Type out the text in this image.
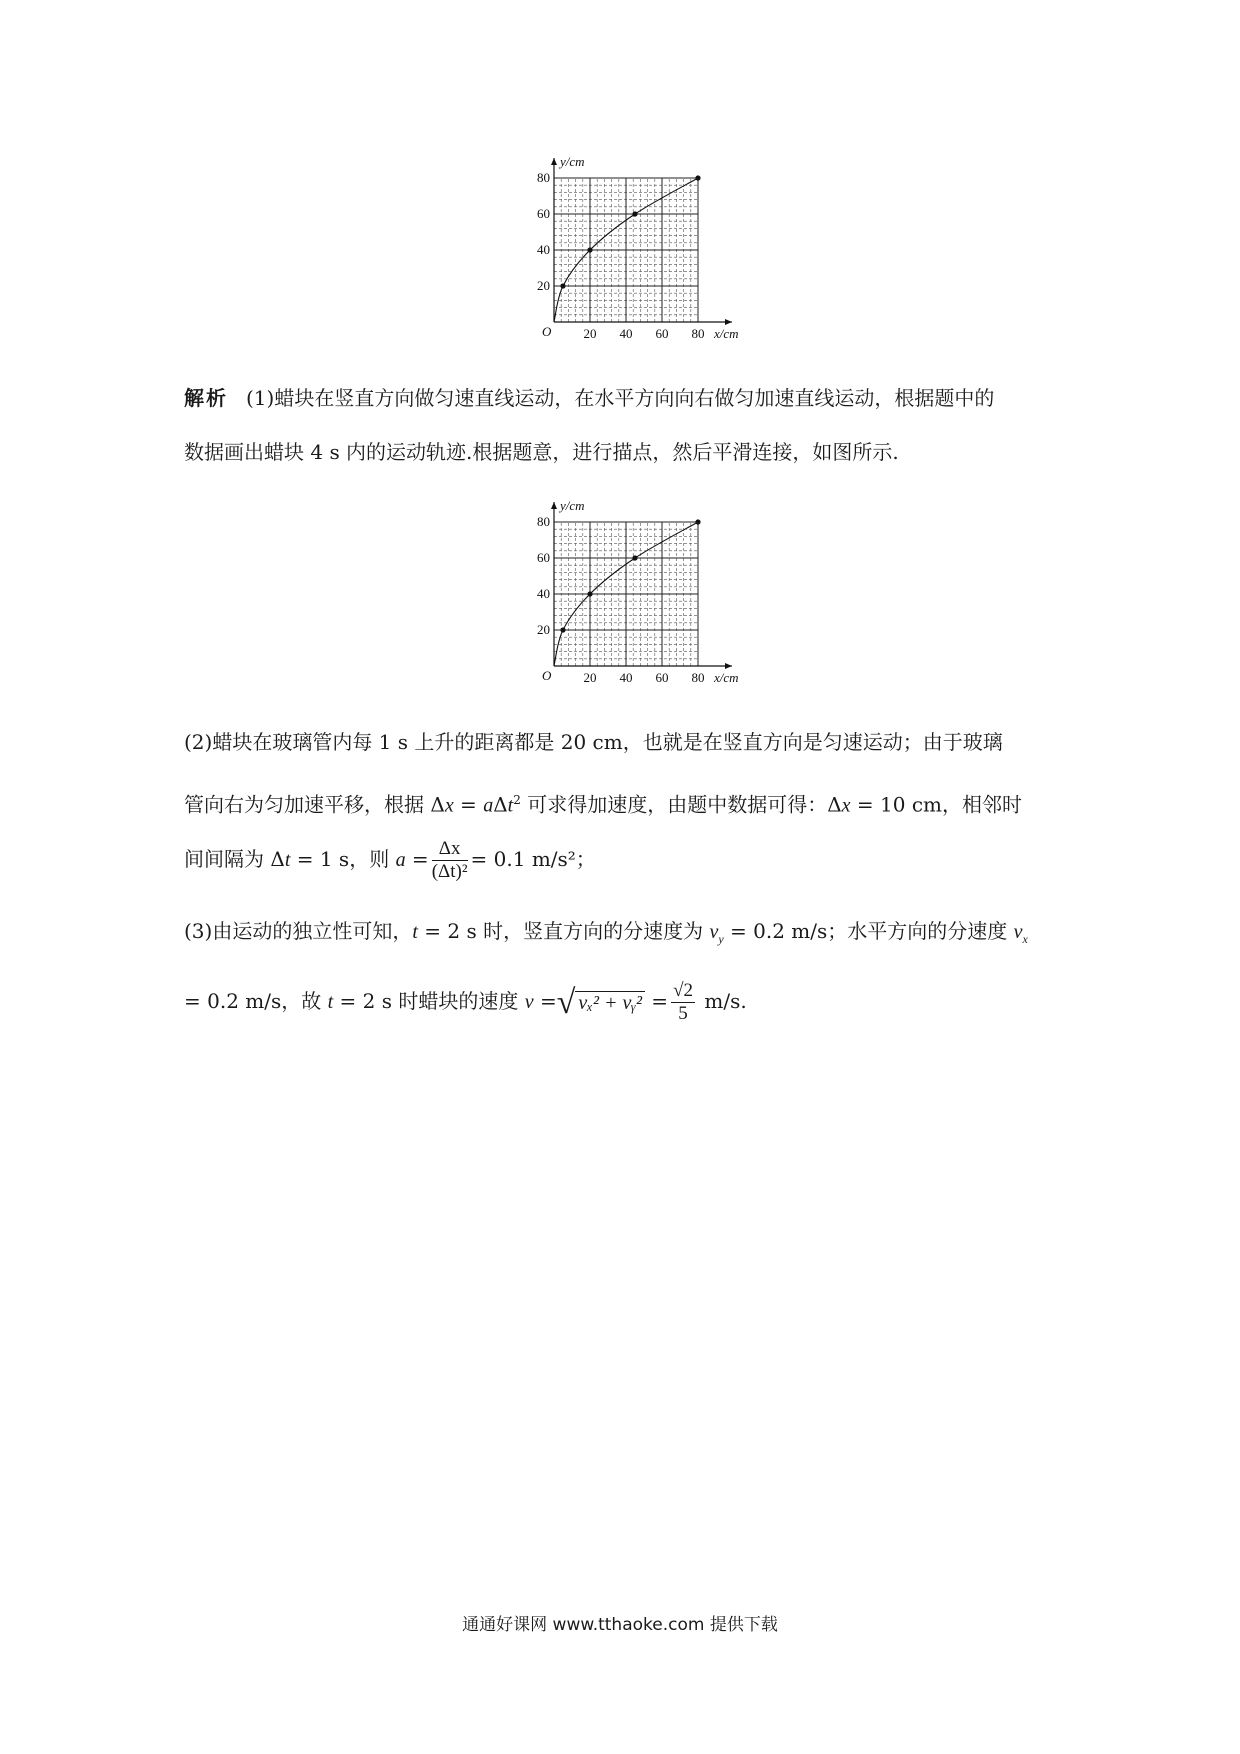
20 40 60 80
20
40
60
80
O	x/cm
y/cm
解析 (1)蜡块在竖直方向做匀速直线运动，在水平方向向右做匀加速直线运动，根据题中的
数据画出蜡块 4 s 内的运动轨迹.根据题意，进行描点，然后平滑连接，如图所示.
20 40 60 80
20
40
60
80
O	x/cm
y/cm
(2)蜡块在玻璃管内每 1 s 上升的距离都是 20 cm，也就是在竖直方向是匀速运动；由于玻璃
管向右为匀加速平移，根据 Δx = aΔt$^2$ 可求得加速度，由题中数据可得：Δx = 10 cm，相邻时
间间隔为 Δt = 1 s，则 $a = \frac{\Delta x}{\text{(Δt)²}} = 0.1$ m/s²；
(3)由运动的独立性可知，t = 2 s 时，竖直方向的分速度为 $v_y = 0.2$ m/s；水平方向的分速度 $v_x$
= 0.2 m/s，故 t = 2 s 时蜡块的速度 v =√ vₓ² + vᵧ² = $\frac{√2}{5} m/s$.
通通好课网 www.tthaoke.com 提供下载
